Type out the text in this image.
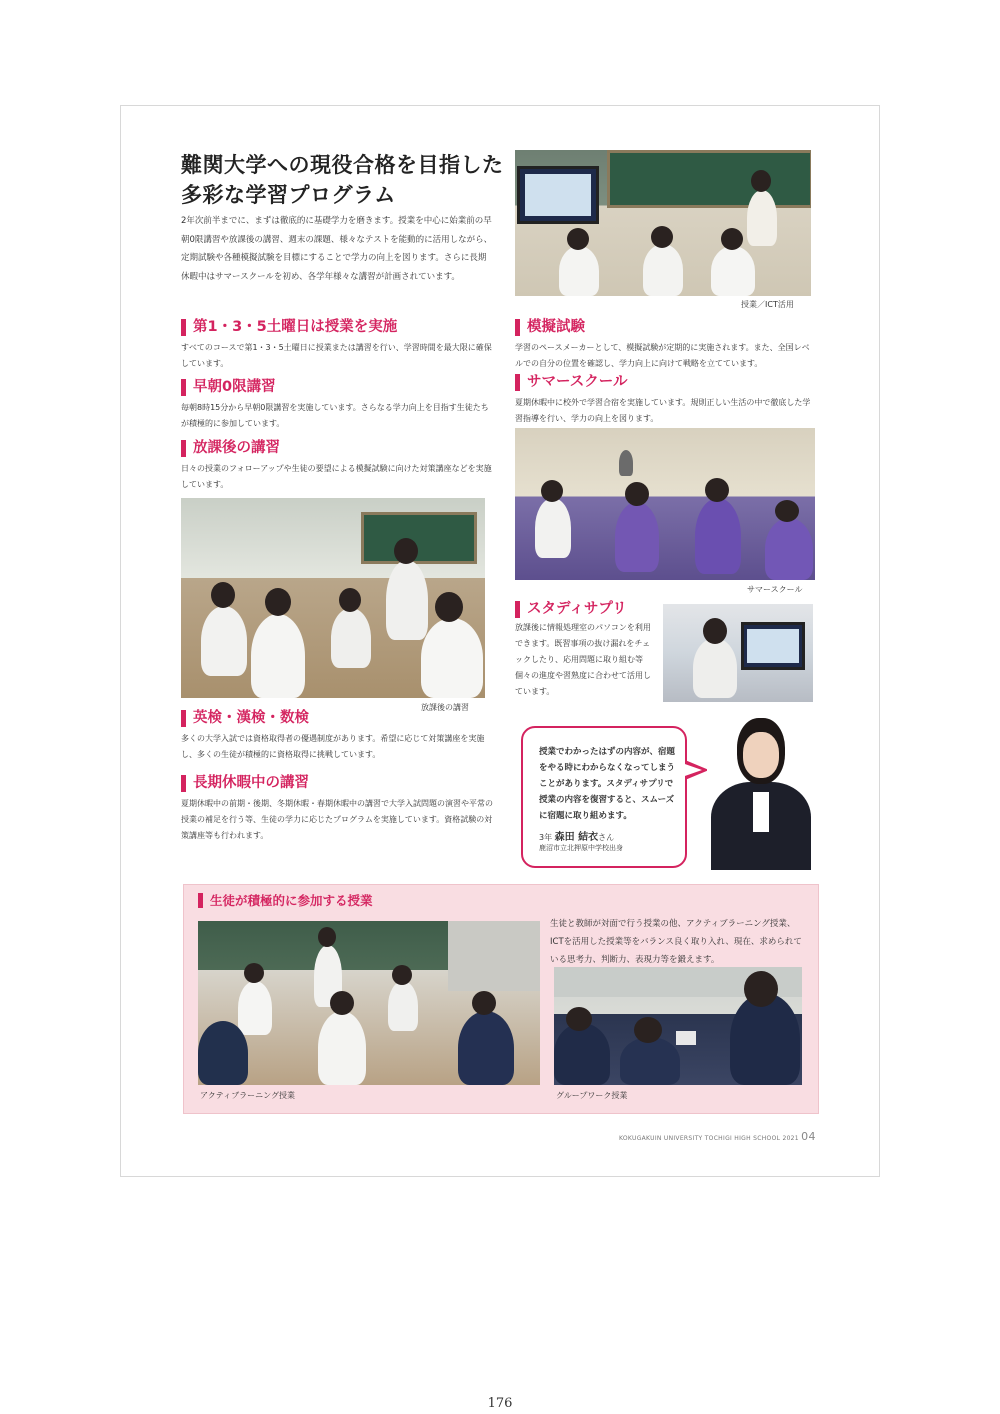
難関大学への現役合格を目指した
多彩な学習プログラム
2年次前半までに、まずは徹底的に基礎学力を磨きます。授業を中心に始業前の早朝0限講習や放課後の講習、週末の課題、様々なテストを能動的に活用しながら、定期試験や各種模擬試験を目標にすることで学力の向上を図ります。さらに長期休暇中はサマースクールを初め、各学年様々な講習が計画されています。
第1・3・5土曜日は授業を実施
すべてのコースで第1・3・5土曜日に授業または講習を行い、学習時間を最大限に確保しています。
早朝0限講習
毎朝8時15分から早朝0限講習を実施しています。さらなる学力向上を目指す生徒たちが積極的に参加しています。
放課後の講習
日々の授業のフォローアップや生徒の要望による模擬試験に向けた対策講座などを実施しています。
放課後の講習
英検・漢検・数検
多くの大学入試では資格取得者の優遇制度があります。希望に応じて対策講座を実施し、多くの生徒が積極的に資格取得に挑戦しています。
長期休暇中の講習
夏期休暇中の前期・後期、冬期休暇・春期休暇中の講習で大学入試問題の演習や平常の授業の補足を行う等、生徒の学力に応じたプログラムを実施しています。資格試験の対策講座等も行われます。
授業／ICT活用
模擬試験
学習のペースメーカーとして、模擬試験が定期的に実施されます。また、全国レベルでの自分の位置を確認し、学力向上に向けて戦略を立てています。
サマースクール
夏期休暇中に校外で学習合宿を実施しています。規則正しい生活の中で徹底した学習指導を行い、学力の向上を図ります。
サマースクール
スタディサプリ
放課後に情報処理室のパソコンを利用できます。既習事項の抜け漏れをチェックしたり、応用問題に取り組む等個々の進度や習熟度に合わせて活用しています。
授業でわかったはずの内容が、宿題をやる時にわからなくなってしまうことがあります。スタディサプリで授業の内容を復習すると、スムーズに宿題に取り組めます。
3年 森田 結衣さん
鹿沼市立北押原中学校出身
生徒が積極的に参加する授業
生徒と教師が対面で行う授業の他、アクティブラーニング授業、ICTを活用した授業等をバランス良く取り入れ、現在、求められている思考力、判断力、表現力等を鍛えます。
アクティブラーニング授業	グループワーク授業
KOKUGAKUIN UNIVERSITY TOCHIGI HIGH SCHOOL 2021 04
176
